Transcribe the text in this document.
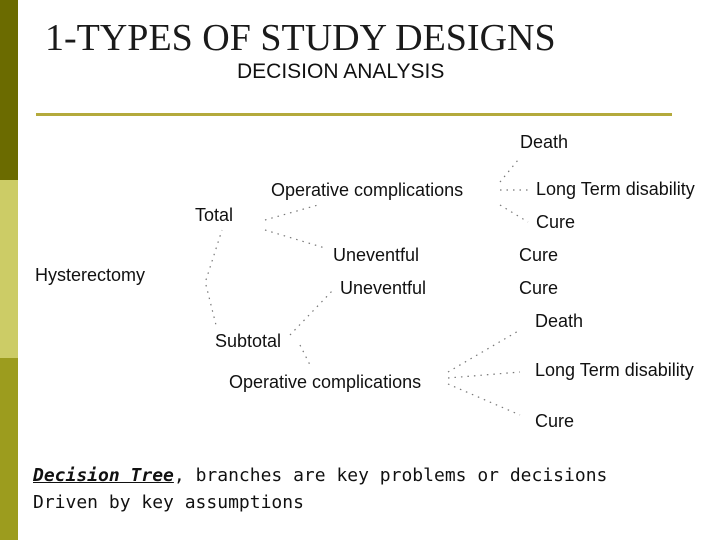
1-TYPES OF STUDY DESIGNS
DECISION ANALYSIS
Hysterectomy
Total
Operative complications
Death
Long Term disability
Cure
Uneventful	Cure
Uneventful	Cure
Subtotal
Operative complications
Death
Long Term disability
Cure
Decision Tree, branches are key problems or decisions
Driven by key assumptions
